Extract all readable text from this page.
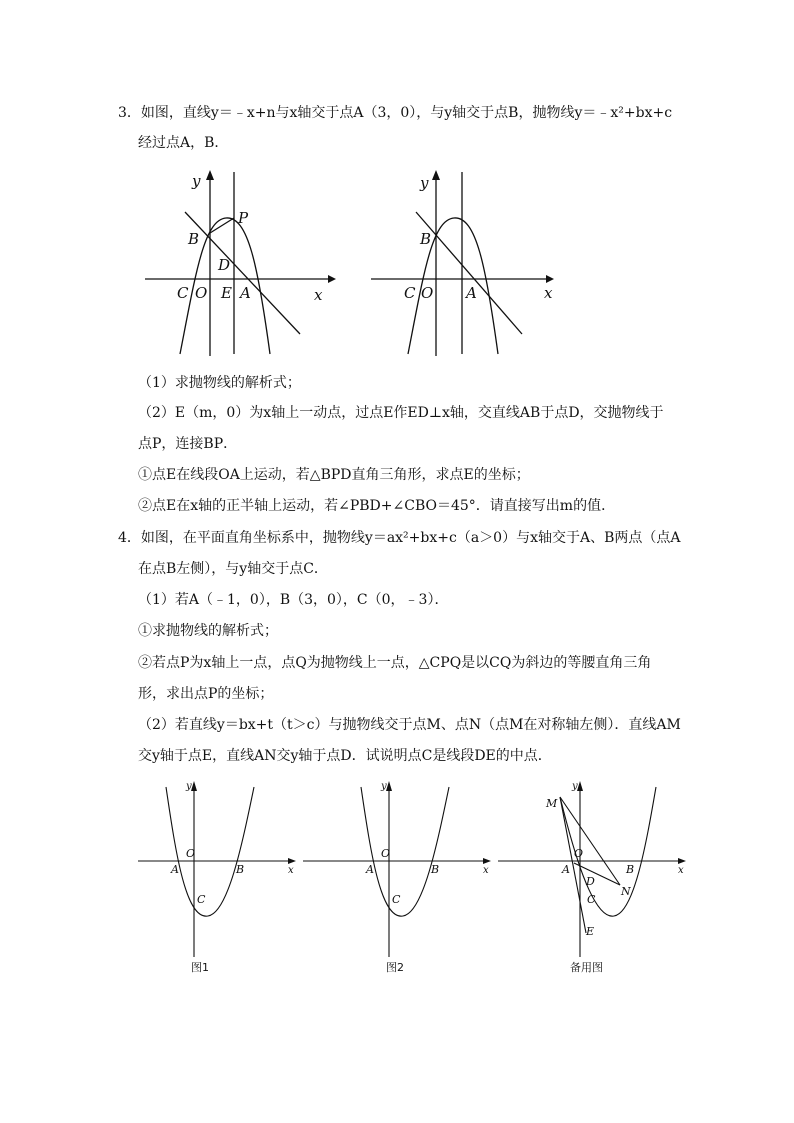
3．如图，直线y＝﹣x+n与x轴交于点A（3，0），与y轴交于点B，抛物线y＝﹣x²+bx+c
经过点A，B．
y
x
B
P
D
C O E A
y
x
B
C O A
（1）求抛物线的解析式；
（2）E（m，0）为x轴上一动点，过点E作ED⊥x轴，交直线AB于点D，交抛物线于
点P，连接BP．
①点E在线段OA上运动，若△BPD直角三角形，求点E的坐标；
②点E在x轴的正半轴上运动，若∠PBD+∠CBO＝45°．请直接写出m的值．
4．如图，在平面直角坐标系中，抛物线y＝ax²+bx+c（a＞0）与x轴交于A、B两点（点A
在点B左侧），与y轴交于点C．
（1）若A（﹣1，0），B（3，0），C（0，﹣3）．
①求抛物线的解析式；
②若点P为x轴上一点，点Q为抛物线上一点，△CPQ是以CQ为斜边的等腰直角三角
形，求出点P的坐标；
（2）若直线y＝bx+t（t＞c）与抛物线交于点M、点N（点M在对称轴左侧）．直线AM
交y轴于点E，直线AN交y轴于点D．试说明点C是线段DE的中点．
y
x
O
A	B
C
图1
y
x
O
A	B
C
图2
y
x
M
O
A	B
D
N
C
E
备用图
